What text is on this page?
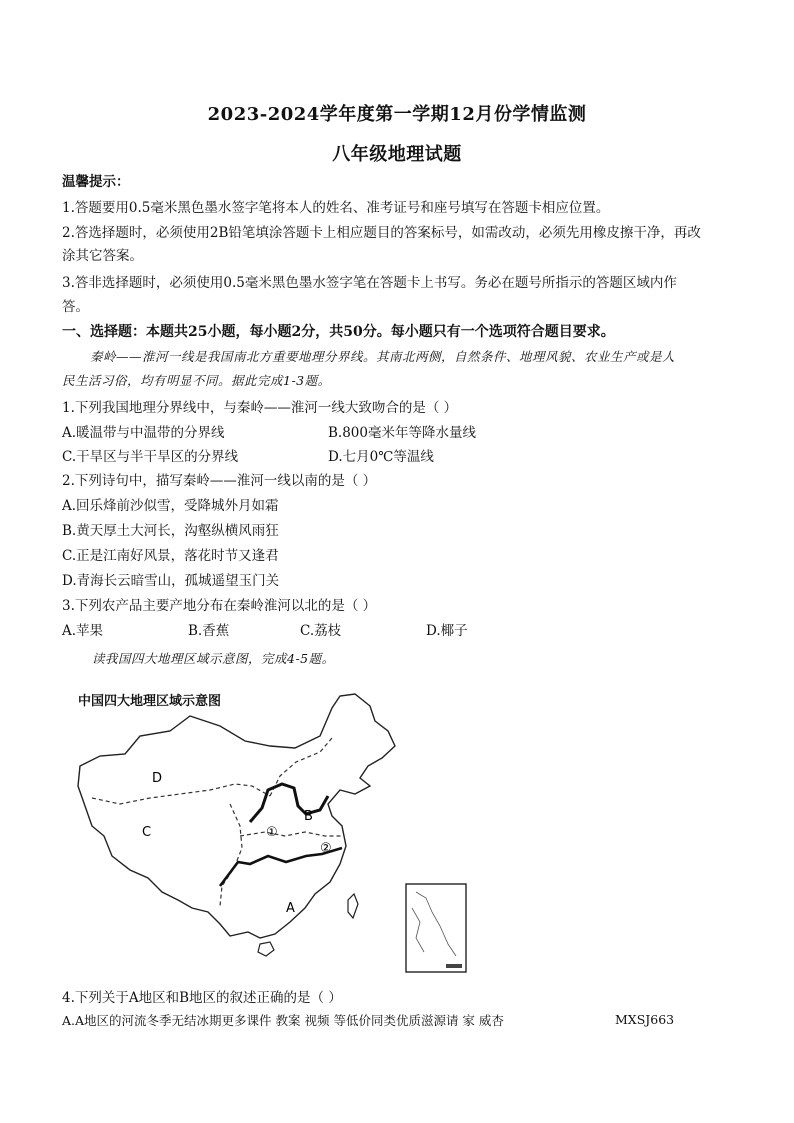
2023-2024学年度第一学期12月份学情监测
八年级地理试题
温馨提示：
1.答题要用0.5毫米黑色墨水签字笔将本人的姓名、准考证号和座号填写在答题卡相应位置。
2.答选择题时，必须使用2B铅笔填涂答题卡上相应题目的答案标号，如需改动，必须先用橡皮擦干净，再改
涂其它答案。
3.答非选择题时，必须使用0.5毫米黑色墨水签字笔在答题卡上书写。务必在题号所指示的答题区域内作
答。
一、选择题：本题共25小题，每小题2分，共50分。每小题只有一个选项符合题目要求。
秦岭——淮河一线是我国南北方重要地理分界线。其南北两侧，自然条件、地理风貌、农业生产或是人
民生活习俗，均有明显不同。据此完成1-3题。
1.下列我国地理分界线中，与秦岭——淮河一线大致吻合的是（ ）
A.暖温带与中温带的分界线	B.800毫米年等降水量线
C.干旱区与半干旱区的分界线	D.七月0℃等温线
2.下列诗句中，描写秦岭——淮河一线以南的是（ ）
A.回乐烽前沙似雪，受降城外月如霜
B.黄天厚土大河长，沟壑纵横风雨狂
C.正是江南好风景，落花时节又逢君
D.青海长云暗雪山，孤城遥望玉门关
3.下列农产品主要产地分布在秦岭淮河以北的是（ ）
A.苹果	B.香蕉	C.荔枝	D.椰子
读我国四大地理区域示意图，完成4-5题。
中国四大地理区域示意图
D
C
B
A
①
②
4.下列关于A地区和B地区的叙述正确的是（ ）
A.A地区的河流冬季无结冰期更多课件 教案 视频 等低价同类优质滋源请 家 威杏	MXSJ663
